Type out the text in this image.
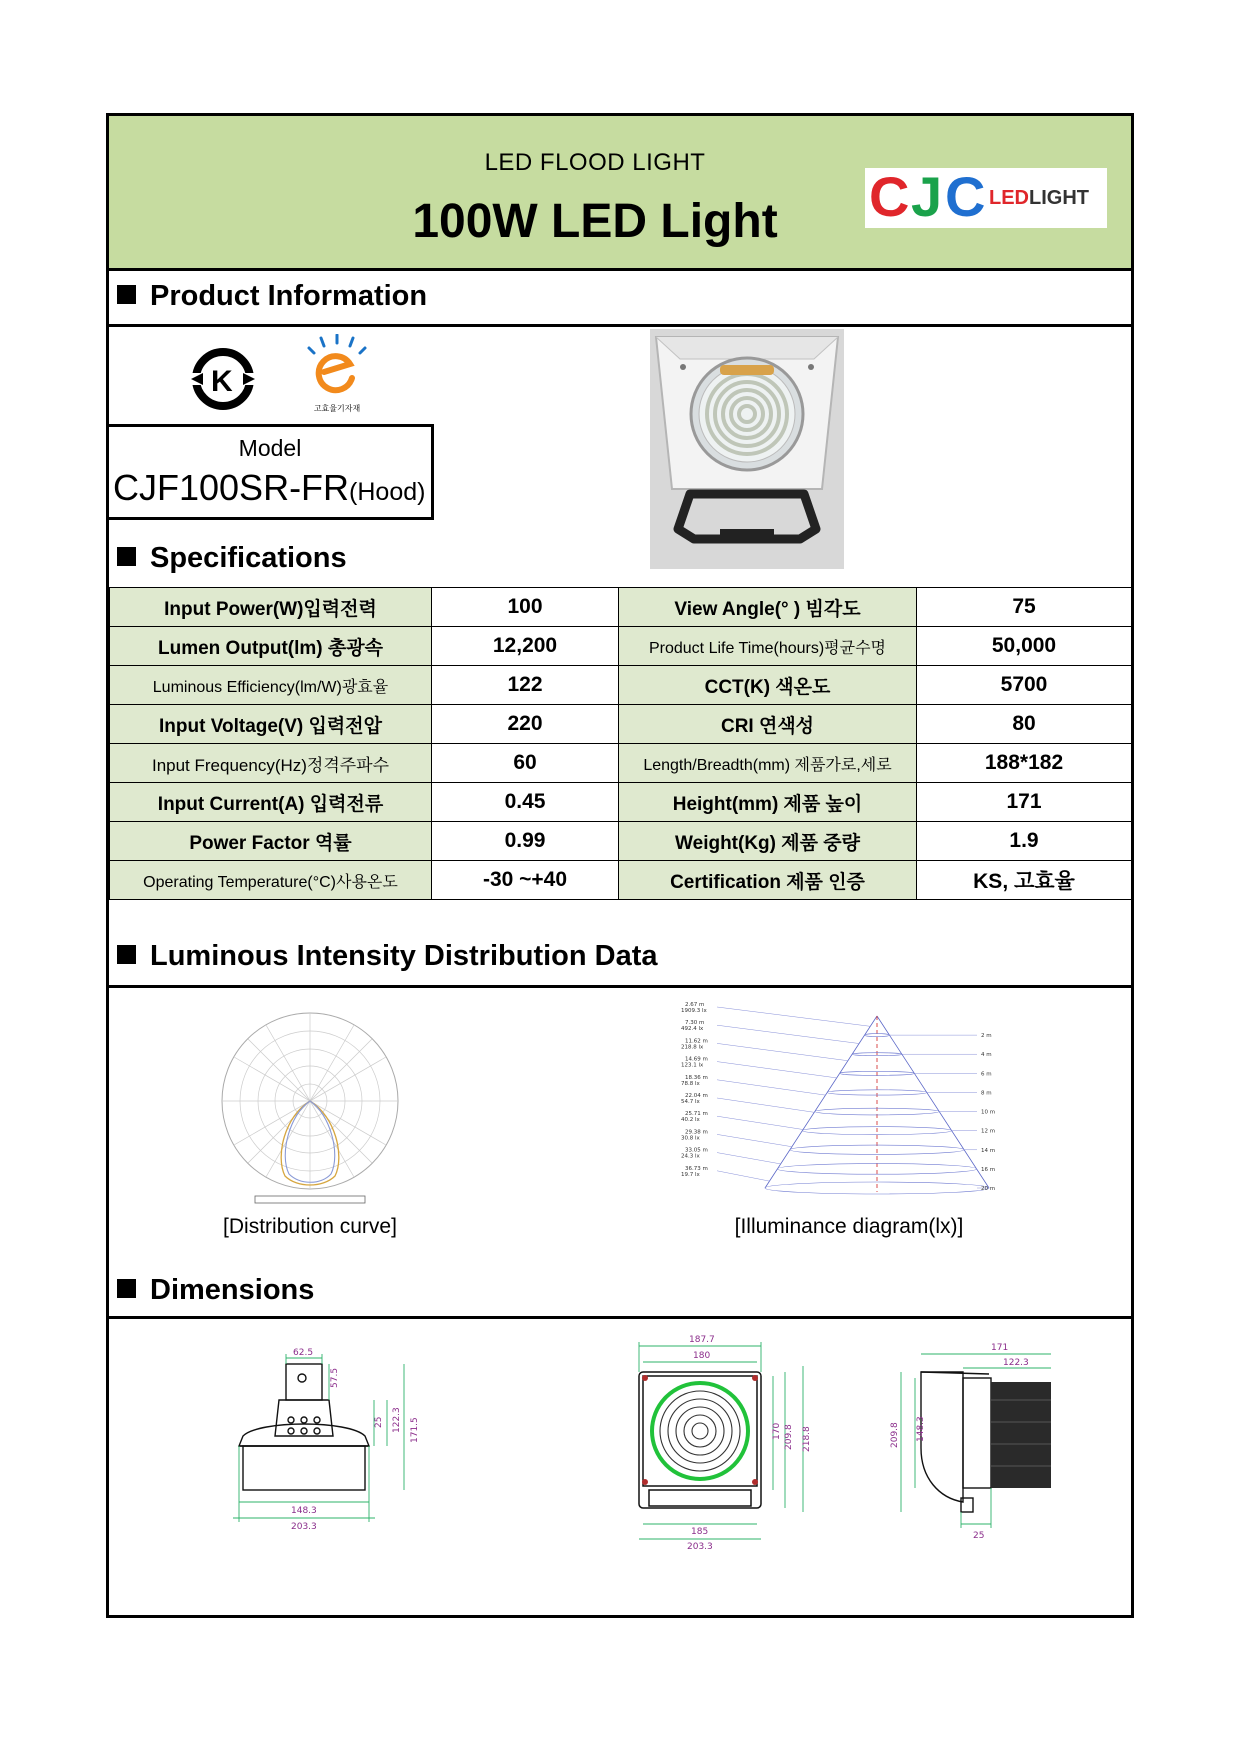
LED FLOOD LIGHT
100W LED Light	C J C LED LIGHT
Product Information
K
고효율기자재
Model
CJF100SR-FR(Hood)
Specifications
Input Power(W)입력전력	100	View Angle(° ) 빔각도	75
Lumen Output(lm) 총광속	12,200	Product Life Time(hours)평균수명	50,000
Luminous Efficiency(lm/W)광효율	122	CCT(K) 색온도	5700
Input Voltage(V) 입력전압	220	CRI 연색성	80
Input Frequency(Hz)정격주파수	60	Length/Breadth(mm) 제품가로,세로	188*182
Input Current(A) 입력전류	0.45	Height(mm) 제품 높이	171
Power Factor 역률	0.99	Weight(Kg) 제품 중량	1.9
Operating Temperature(°C)사용온도	-30 ~+40	Certification 제품 인증	KS, 고효율
Luminous Intensity Distribution Data
[Distribution curve]
2 m
4 m
6 m
8 m
10 m
12 m
14 m
16 m
20 m
2.67 m
1909.3 lx
7.30 m
492.4 lx
11.62 m
218.8 lx
14.69 m
123.1 lx
18.36 m
78.8 lx
22.04 m
54.7 lx
25.71 m
40.2 lx
29.38 m
30.8 lx
33.05 m
24.3 lx
36.73 m
19.7 lx
[Illuminance diagram(lx)]
Dimensions
62.5
57.5
25 122.3 171.5
148.3
203.3
187.7
180
170 209.8 218.8
185
203.3
171
122.3
209.8 148.3
25
